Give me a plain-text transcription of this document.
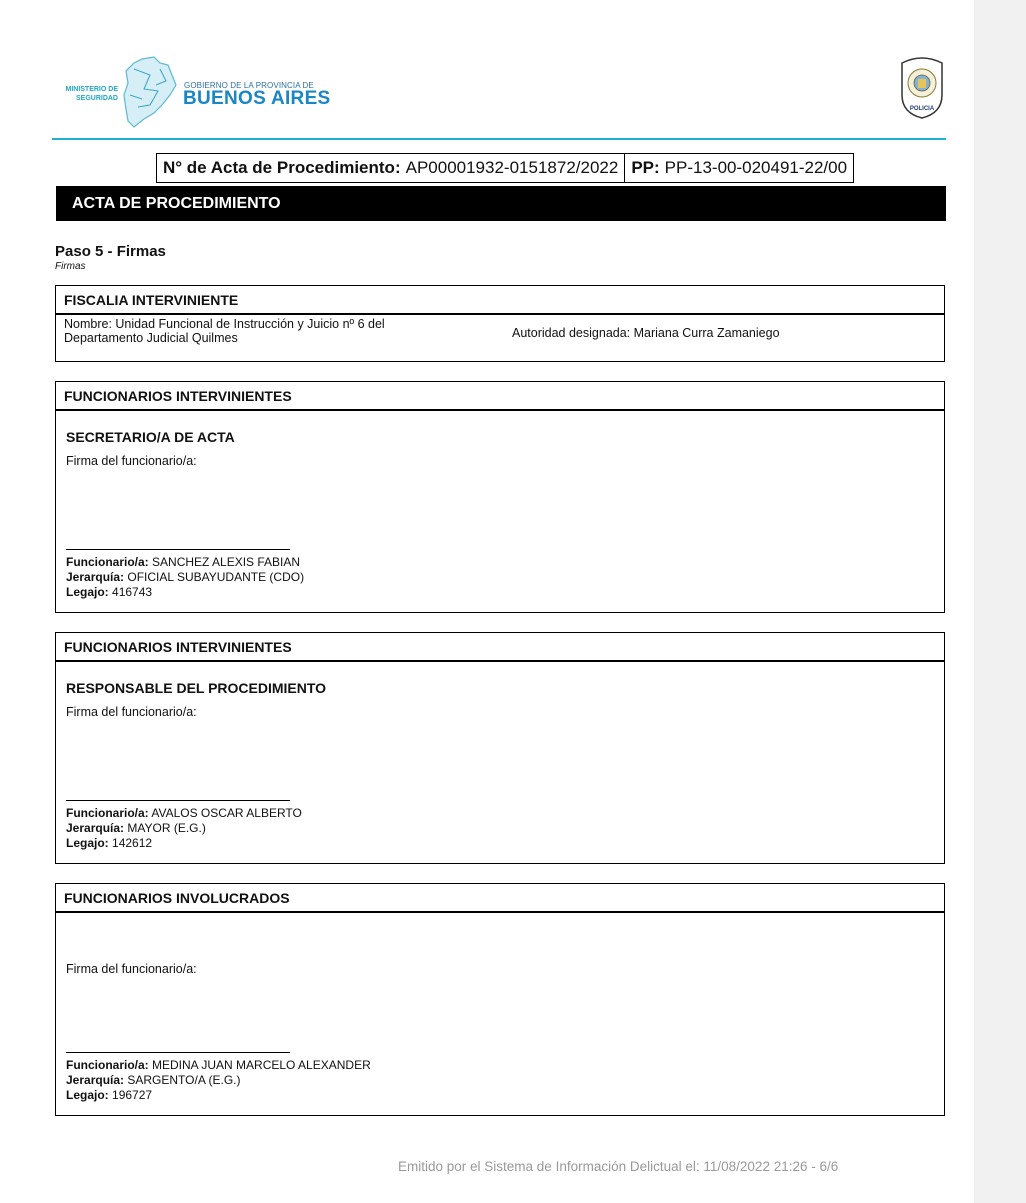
MINISTERIO DE
SEGURIDAD
GOBIERNO DE LA PROVINCIA DE
BUENOS AIRES	POLICIA
N° de Acta de Procedimiento: AP00001932-0151872/2022 PP: PP-13-00-020491-22/00
ACTA DE PROCEDIMIENTO
Paso 5 - Firmas
Firmas
FISCALIA INTERVINIENTE
Nombre: Unidad Funcional de Instrucción y Juicio nº 6 del
Departamento Judicial Quilmes	Autoridad designada: Mariana Curra Zamaniego
FUNCIONARIOS INTERVINIENTES
SECRETARIO/A DE ACTA
Firma del funcionario/a:
Funcionario/a: SANCHEZ ALEXIS FABIAN
Jerarquía: OFICIAL SUBAYUDANTE (CDO)
Legajo: 416743
FUNCIONARIOS INTERVINIENTES
RESPONSABLE DEL PROCEDIMIENTO
Firma del funcionario/a:
Funcionario/a: AVALOS OSCAR ALBERTO
Jerarquía: MAYOR (E.G.)
Legajo: 142612
FUNCIONARIOS INVOLUCRADOS
Firma del funcionario/a:
Funcionario/a: MEDINA JUAN MARCELO ALEXANDER
Jerarquía: SARGENTO/A (E.G.)
Legajo: 196727
Emitido por el Sistema de Información Delictual el: 11/08/2022 21:26 - 6/6
